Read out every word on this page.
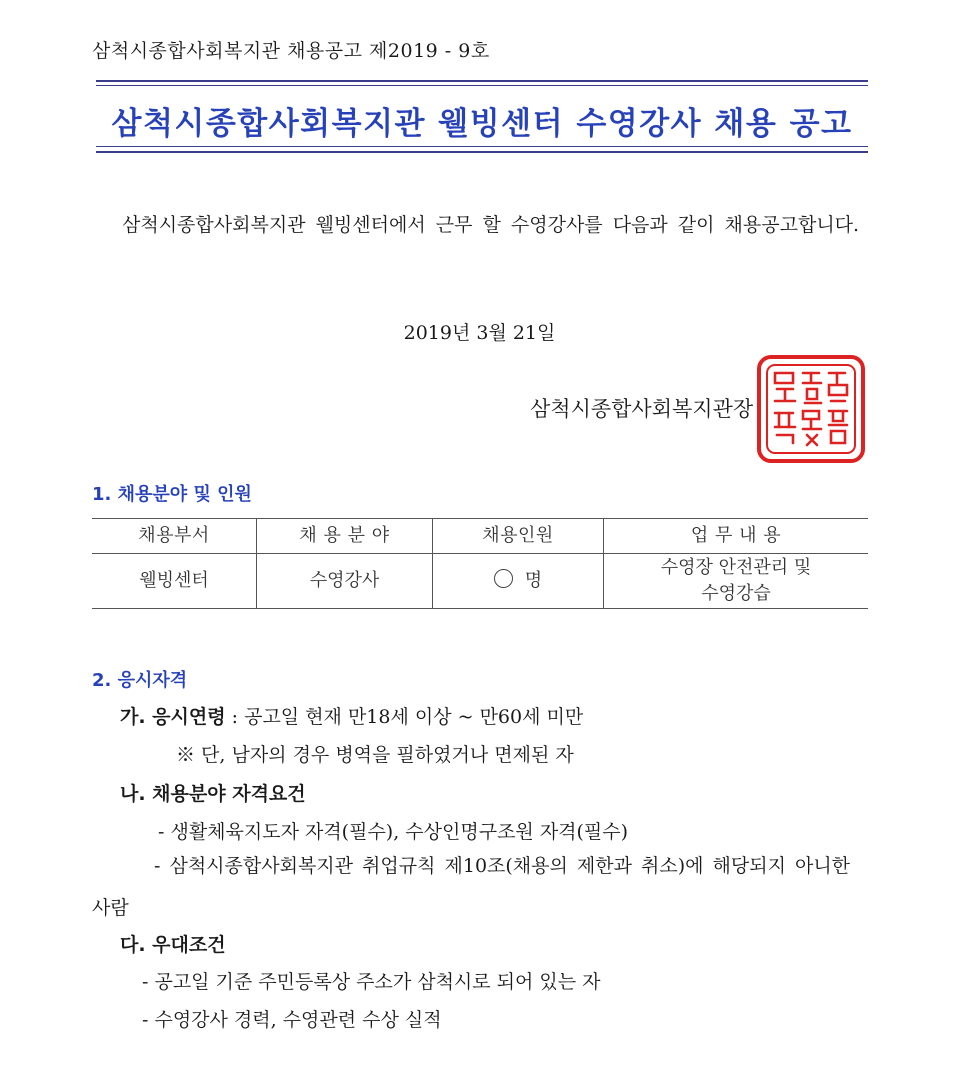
삼척시종합사회복지관 채용공고 제2019 - 9호
삼척시종합사회복지관 웰빙센터 수영강사 채용 공고

삼척시종합사회복지관 웰빙센터에서 근무 할 수영강사를 다음과 같이 채용공고합니다.

2019년 3월 21일
삼척시종합사회복지관장
1. 채용분야 및 인원
채용부서	채 용 분 야	채용인원	업 무 내 용
웰빙센터	수영강사	명	수영장 안전관리 및
수영강습
2. 응시자격
가. 응시연령 : 공고일 현재 만18세 이상 ~ 만60세 미만
※ 단, 남자의 경우 병역을 필하였거나 면제된 자
나. 채용분야 자격요건
- 생활체육지도자 자격(필수), 수상인명구조원 자격(필수)

- 삼척시종합사회복지관 취업규칙 제10조(채용의 제한과 취소)에 해당되지 아니한 사람

다. 우대조건
- 공고일 기준 주민등록상 주소가 삼척시로 되어 있는 자
- 수영강사 경력, 수영관련 수상 실적
